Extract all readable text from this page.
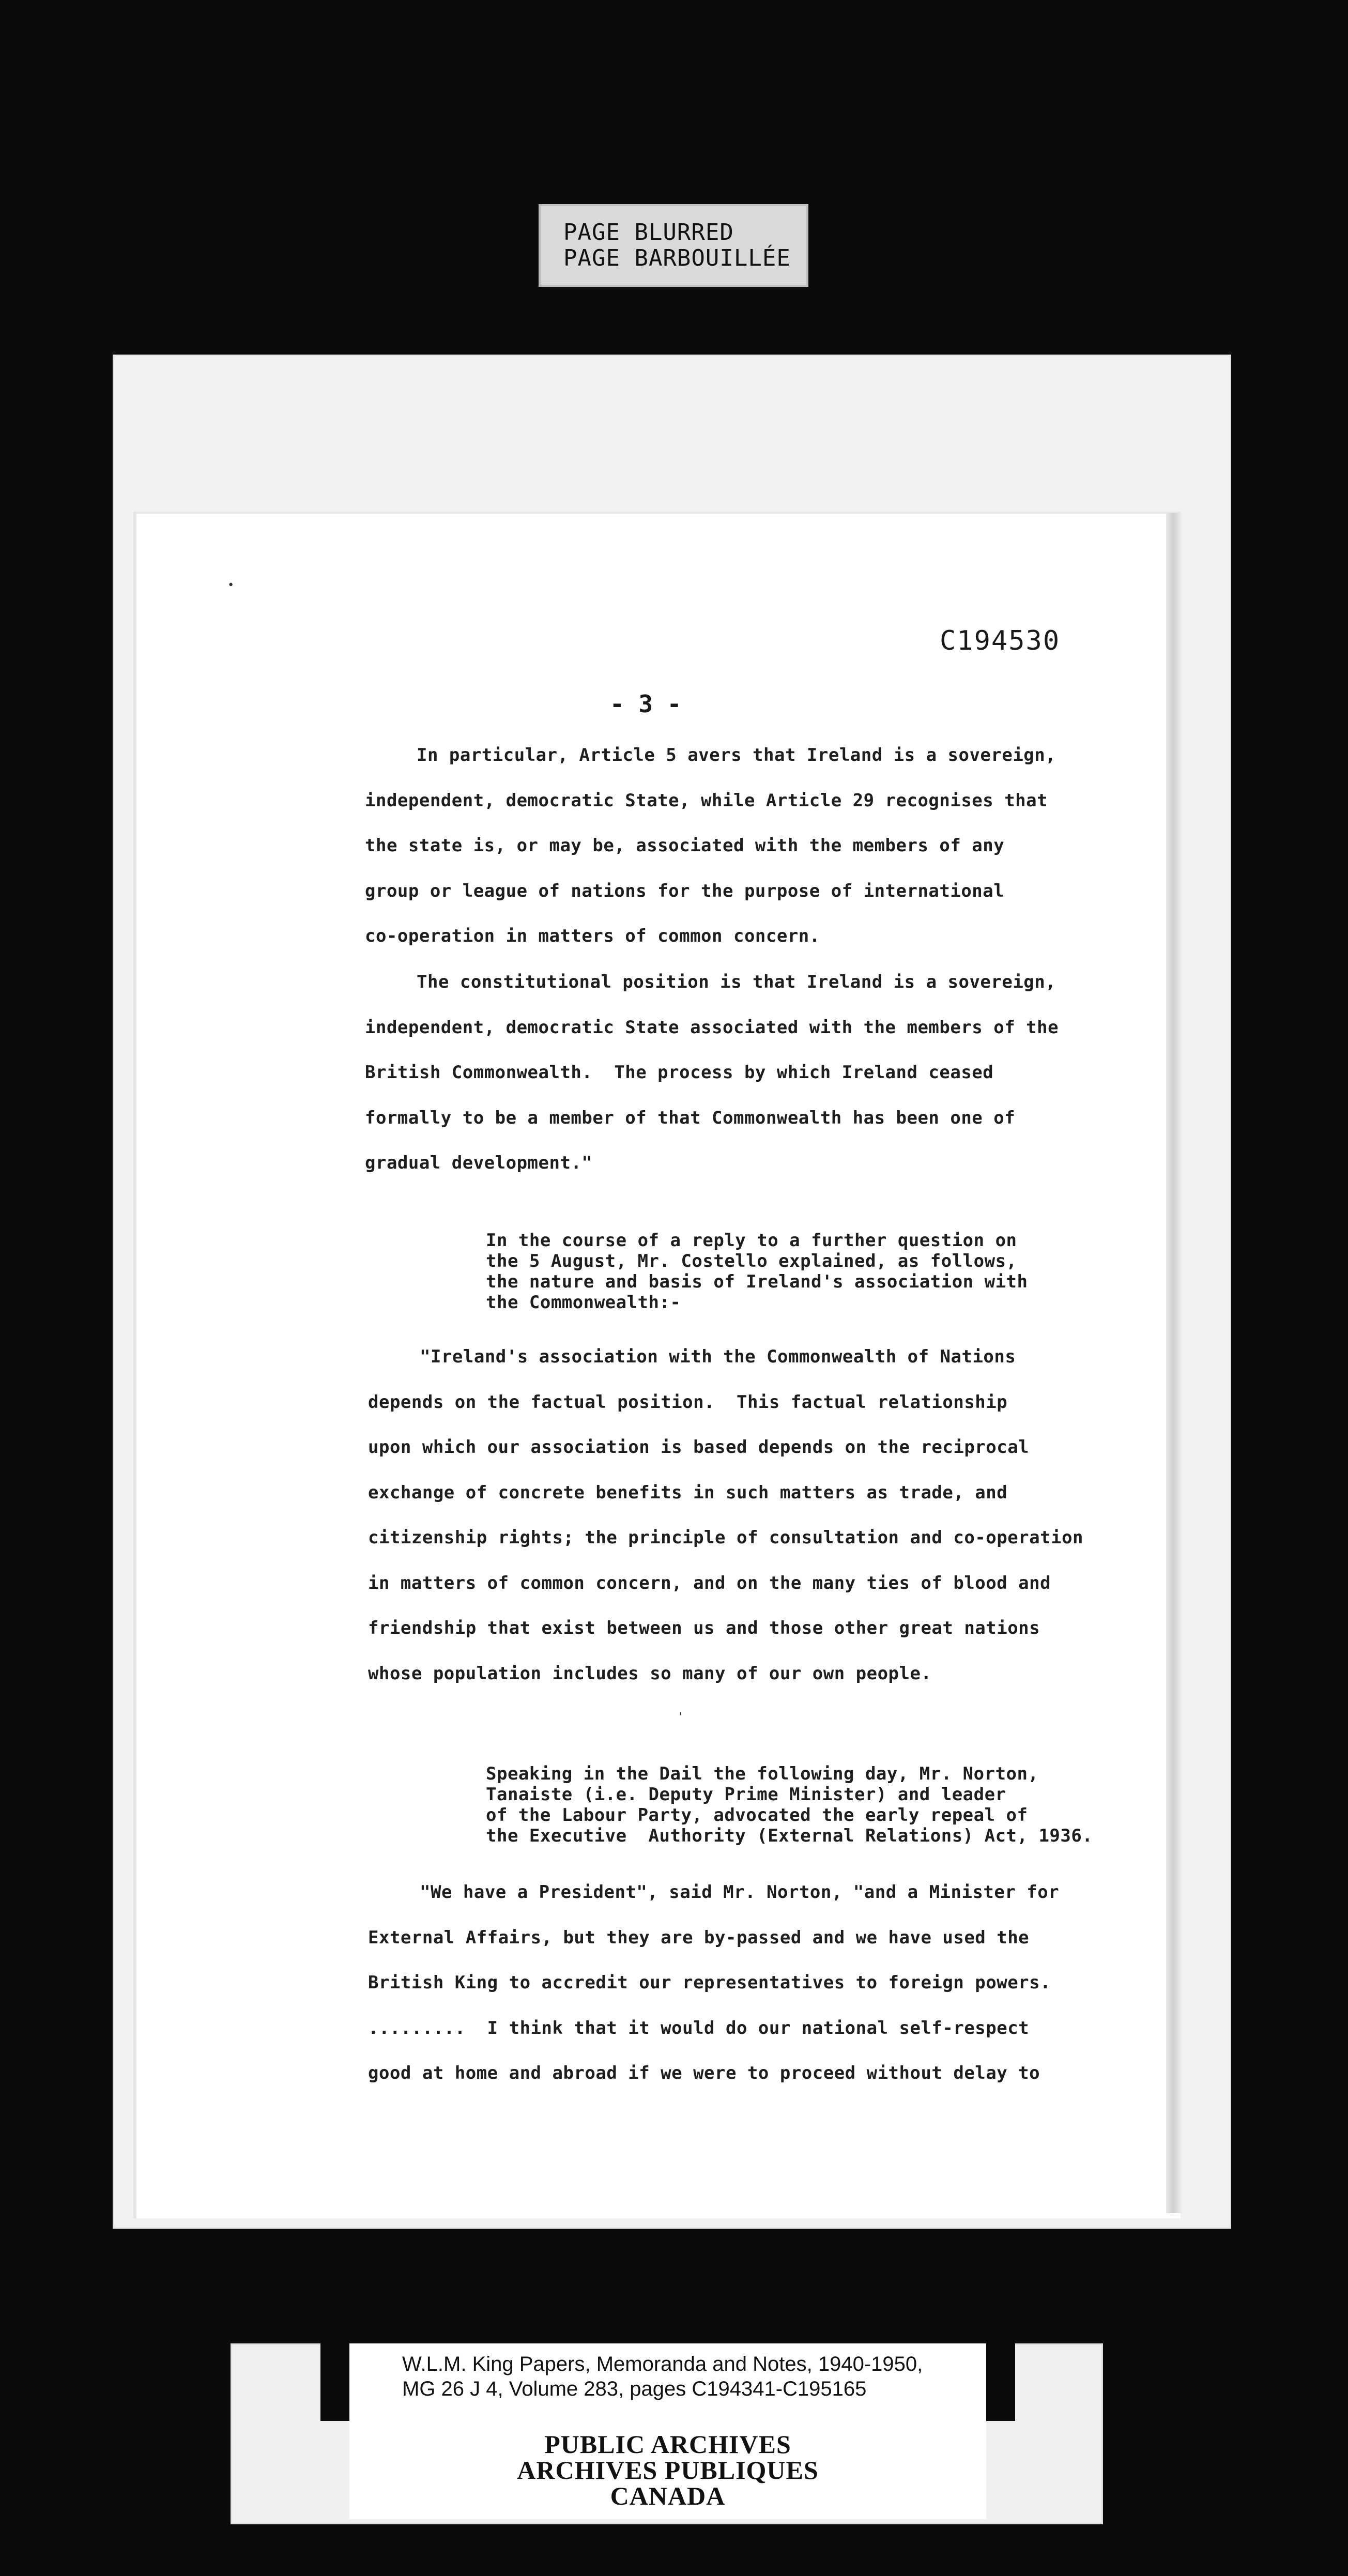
PAGE BLURRED
PAGE BARBOUILLÉE
•
'
C194530
- 3 -
In particular, Article 5 avers that Ireland is a sovereign,
independent, democratic State, while Article 29 recognises that
the state is, or may be, associated with the members of any
group or league of nations for the purpose of international
co-operation in matters of common concern.
The constitutional position is that Ireland is a sovereign,
independent, democratic State associated with the members of the
British Commonwealth.  The process by which Ireland ceased
formally to be a member of that Commonwealth has been one of
gradual development."
In the course of a reply to a further question on
the 5 August, Mr. Costello explained, as follows,
the nature and basis of Ireland's association with
the Commonwealth:-
"Ireland's association with the Commonwealth of Nations
depends on the factual position.  This factual relationship
upon which our association is based depends on the reciprocal
exchange of concrete benefits in such matters as trade, and
citizenship rights; the principle of consultation and co-operation
in matters of common concern, and on the many ties of blood and
friendship that exist between us and those other great nations
whose population includes so many of our own people.
Speaking in the Dail the following day, Mr. Norton,
Tanaiste (i.e. Deputy Prime Minister) and leader
of the Labour Party, advocated the early repeal of
the Executive  Authority (External Relations) Act, 1936.
"We have a President", said Mr. Norton, "and a Minister for
External Affairs, but they are by-passed and we have used the
British King to accredit our representatives to foreign powers.
.........  I think that it would do our national self-respect
good at home and abroad if we were to proceed without delay to
W.L.M. King Papers, Memoranda and Notes, 1940-1950,
MG 26 J 4, Volume 283, pages C194341-C195165
PUBLIC ARCHIVES
ARCHIVES PUBLIQUES
CANADA
